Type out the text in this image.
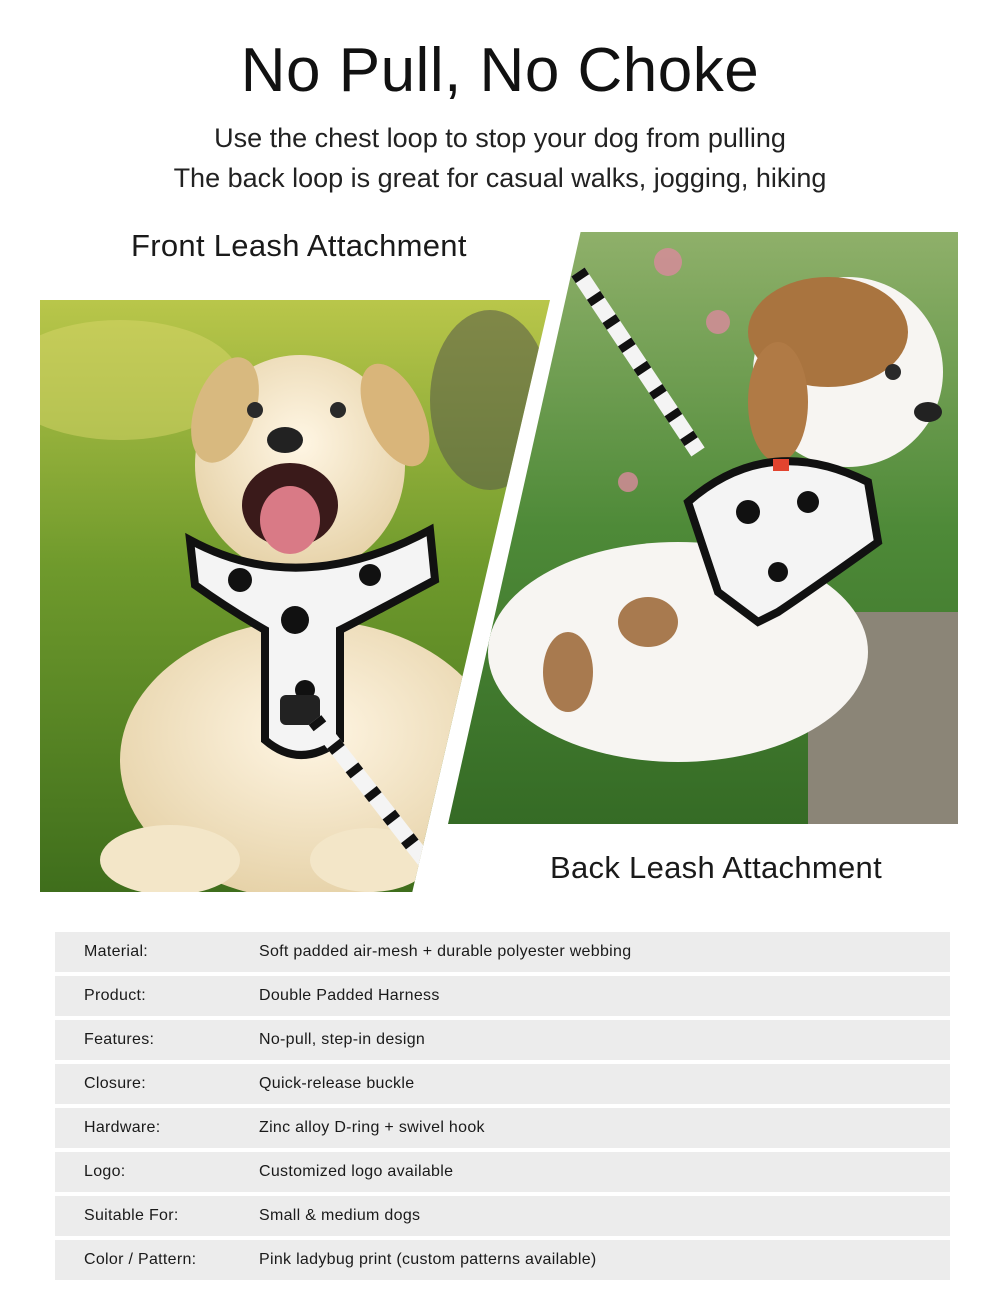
No Pull, No Choke
Use the chest loop to stop your dog from pulling
The back loop is great for casual walks, jogging, hiking
Front Leash Attachment
Back Leash Attachment
Material:	Soft padded air-mesh + durable polyester webbing
Product:	Double Padded Harness
Features:	No-pull, step-in design
Closure:	Quick-release buckle
Hardware:	Zinc alloy D-ring + swivel hook
Logo:	Customized logo available
Suitable For:	Small & medium dogs
Color / Pattern:	Pink ladybug print (custom patterns available)
